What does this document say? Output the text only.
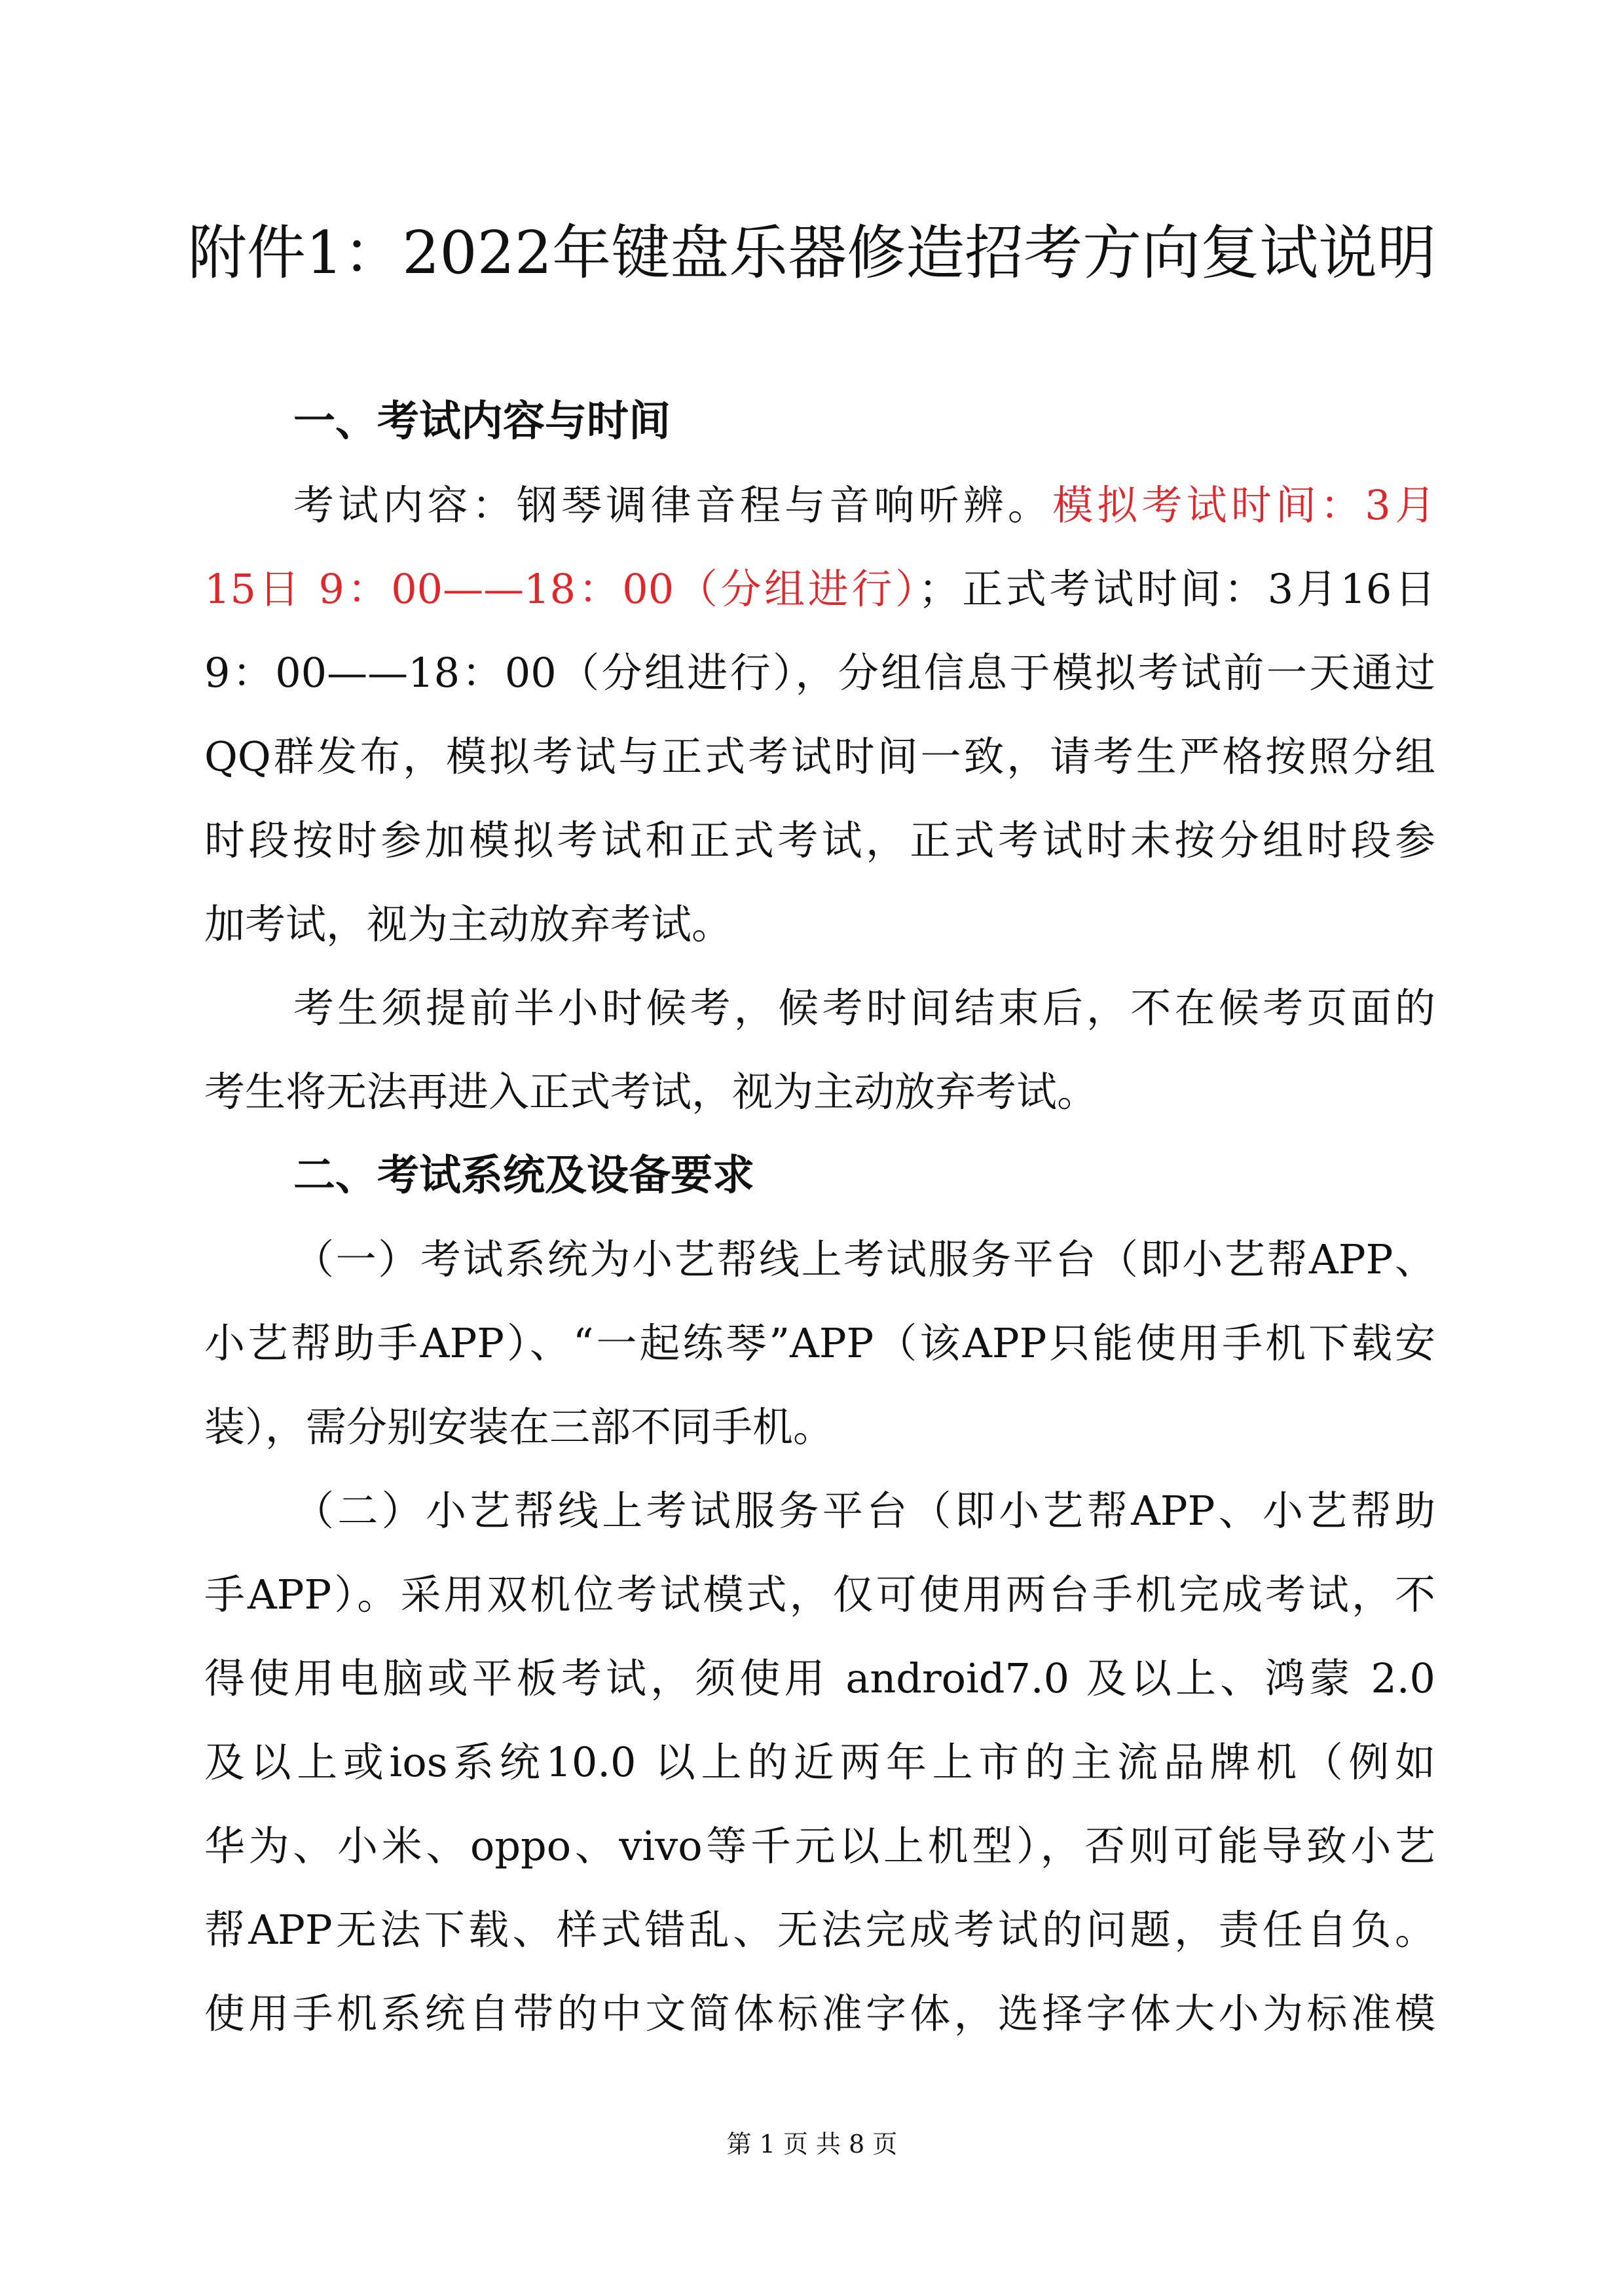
附件1：2022年键盘乐器修造招考方向复试说明

一、考试内容与时间

考试内容：钢琴调律音程与音响听辨。模拟考试时间：3月

15日 9：00——18：00（分组进行）；正式考试时间：3月16日

9：00——18：00（分组进行），分组信息于模拟考试前一天通过

QQ群发布，模拟考试与正式考试时间一致，请考生严格按照分组

时段按时参加模拟考试和正式考试，正式考试时未按分组时段参

加考试，视为主动放弃考试。

考生须提前半小时候考，候考时间结束后，不在候考页面的

考生将无法再进入正式考试，视为主动放弃考试。

二、考试系统及设备要求

（一）考试系统为小艺帮线上考试服务平台（即小艺帮APP、

小艺帮助手APP）、“一起练琴”APP（该APP只能使用手机下载安

装），需分别安装在三部不同手机。

（二）小艺帮线上考试服务平台（即小艺帮APP、小艺帮助

手APP）。采用双机位考试模式，仅可使用两台手机完成考试，不

得使用电脑或平板考试，须使用 android7.0 及以上、鸿蒙 2.0

及以上或ios系统10.0 以上的近两年上市的主流品牌机（例如

华为、小米、oppo、vivo等千元以上机型），否则可能导致小艺

帮APP无法下载、样式错乱、无法完成考试的问题，责任自负。

使用手机系统自带的中文简体标准字体，选择字体大小为标准模

第 1 页 共 8 页
